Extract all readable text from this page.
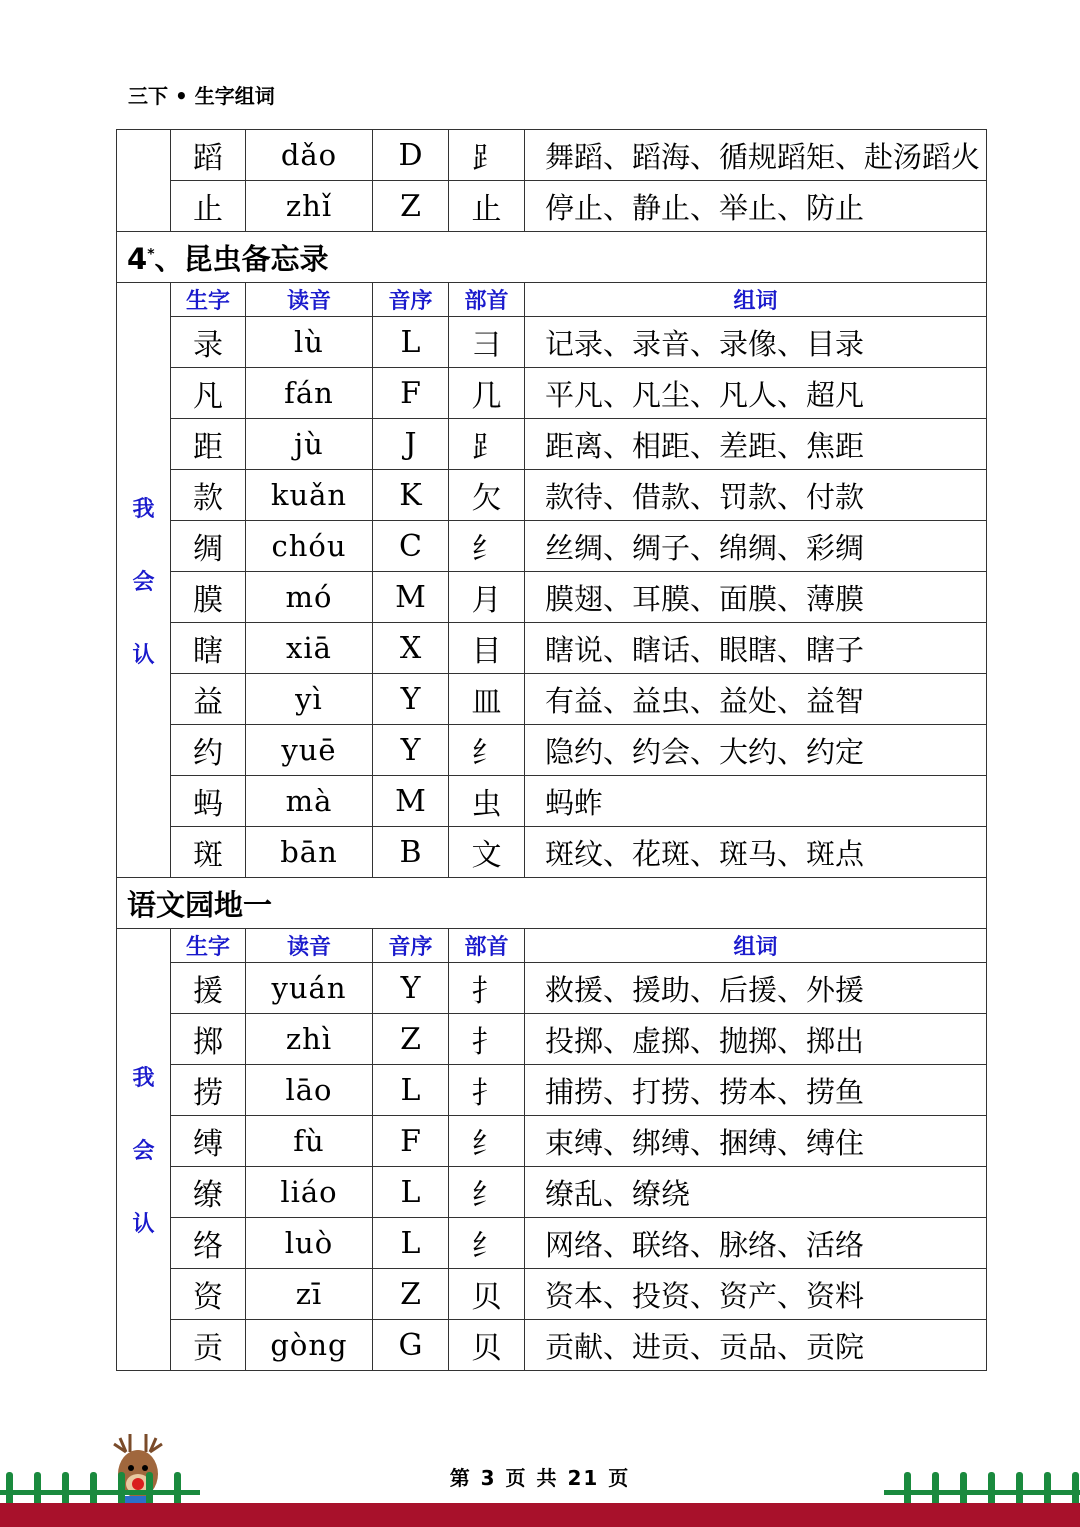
三下 • 生字组词
	蹈	dǎo	D	⻊	舞蹈、蹈海、循规蹈矩、赴汤蹈火
	止	zhǐ	Z	止	停止、静止、举止、防止
4*、昆虫备忘录					

我
会
认	生字	读音	音序	部首	组词
	录	lù	L	彐	记录、录音、录像、目录
	凡	fán	F	几	平凡、凡尘、凡人、超凡
	距	jù	J	⻊	距离、相距、差距、焦距
	款	kuǎn	K	欠	款待、借款、罚款、付款
	绸	chóu	C	纟	丝绸、绸子、绵绸、彩绸
	膜	mó	M	月	膜翅、耳膜、面膜、薄膜
	瞎	xiā	X	目	瞎说、瞎话、眼瞎、瞎子
	益	yì	Y	皿	有益、益虫、益处、益智
	约	yuē	Y	纟	隐约、约会、大约、约定
	蚂	mà	M	虫	蚂蚱
	斑	bān	B	文	斑纹、花斑、斑马、斑点
语文园地一					

我
会
认	生字	读音	音序	部首	组词
	援	yuán	Y	扌	救援、援助、后援、外援
	掷	zhì	Z	扌	投掷、虚掷、抛掷、掷出
	捞	lāo	L	扌	捕捞、打捞、捞本、捞鱼
	缚	fù	F	纟	束缚、绑缚、捆缚、缚住
	缭	liáo	L	纟	缭乱、缭绕
	络	luò	L	纟	网络、联络、脉络、活络
	资	zī	Z	贝	资本、投资、资产、资料
	贡	gòng	G	贝	贡献、进贡、贡品、贡院
第 3 页 共 21 页
